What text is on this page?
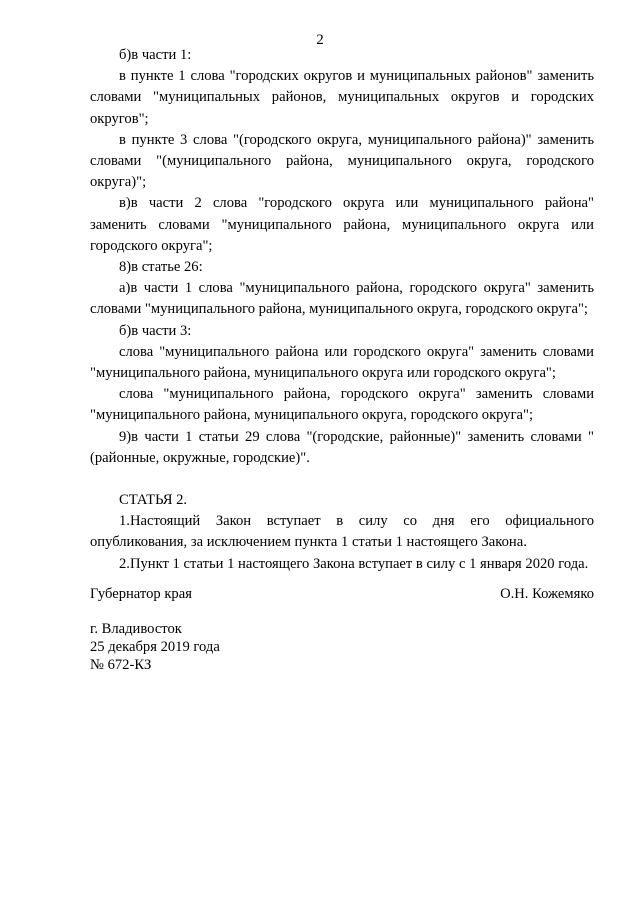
2

б)в части 1:

в пункте 1 слова "городских округов и муниципальных районов" заменить словами "муниципальных районов, муниципальных округов и городских округов";

в пункте 3 слова "(городского округа, муниципального района)" заменить словами "(муниципального района, муниципального округа, городского округа)";

в)в части 2 слова "городского округа или муниципального района" заменить словами "муниципального района, муниципального округа или городского округа";

8)в статье 26:

а)в части 1 слова "муниципального района, городского округа" заменить словами "муниципального района, муниципального округа, городского округа";

б)в части 3:

слова "муниципального района или городского округа" заменить словами "муниципального района, муниципального округа или городского округа";

слова "муниципального района, городского округа" заменить словами "муниципального района, муниципального округа, городского округа";

9)в части 1 статьи 29 слова "(городские, районные)" заменить словами "(районные, окружные, городские)".

СТАТЬЯ 2.

1.Настоящий Закон вступает в силу со дня его официального опубликования, за исключением пункта 1 статьи 1 настоящего Закона.

2.Пункт 1 статьи 1 настоящего Закона вступает в силу с 1 января 2020 года.

Губернатор края	О.Н. Кожемяко
г. Владивосток
25 декабря 2019 года
№ 672-КЗ
